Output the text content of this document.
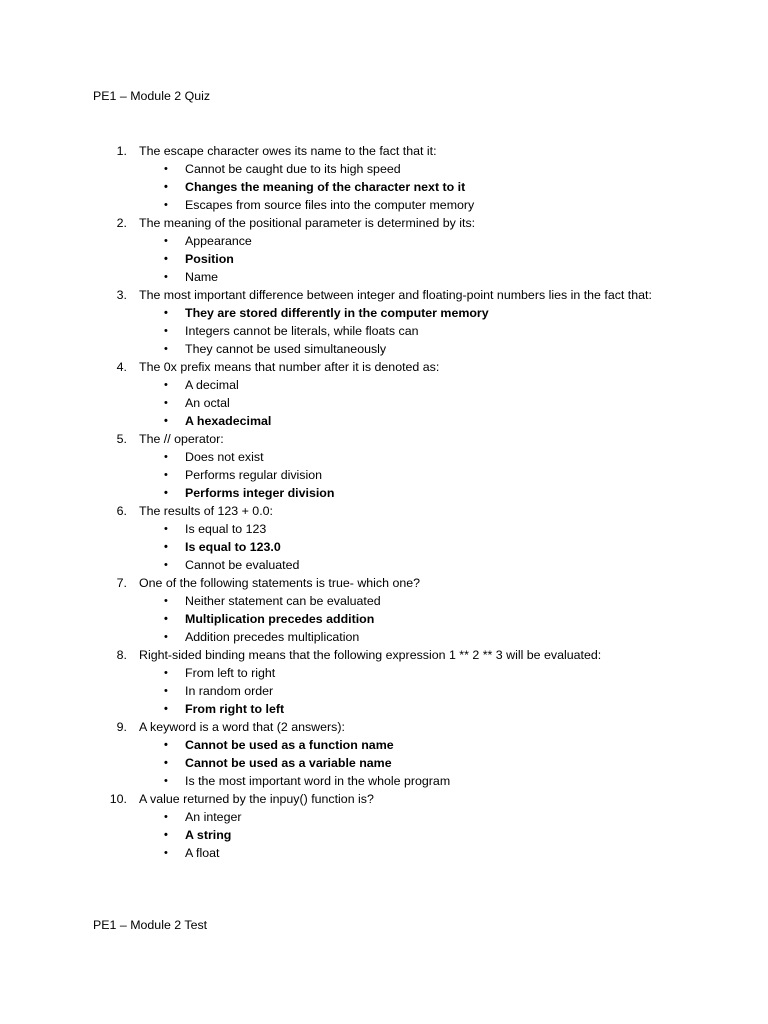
PE1 – Module 2 Quiz
1. The escape character owes its name to the fact that it:
• Cannot be caught due to its high speed
• Changes the meaning of the character next to it
• Escapes from source files into the computer memory
2. The meaning of the positional parameter is determined by its:
• Appearance
• Position
• Name
3. The most important difference between integer and floating-point numbers lies in the fact that:
• They are stored differently in the computer memory
• Integers cannot be literals, while floats can
• They cannot be used simultaneously
4. The 0x prefix means that number after it is denoted as:
• A decimal
• An octal
• A hexadecimal
5. The // operator:
• Does not exist
• Performs regular division
• Performs integer division
6. The results of 123 + 0.0:
• Is equal to 123
• Is equal to 123.0
• Cannot be evaluated
7. One of the following statements is true- which one?
• Neither statement can be evaluated
• Multiplication precedes addition
• Addition precedes multiplication
8. Right-sided binding means that the following expression 1 ** 2 ** 3 will be evaluated:
• From left to right
• In random order
• From right to left
9. A keyword is a word that (2 answers):
• Cannot be used as a function name
• Cannot be used as a variable name
• Is the most important word in the whole program
10. A value returned by the inpuy() function is?
• An integer
• A string
• A float
PE1 – Module 2 Test
